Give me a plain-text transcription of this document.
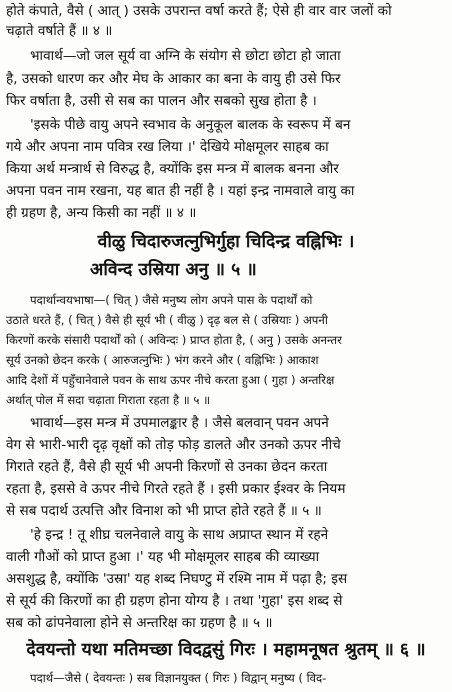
होते कंपाते, वैसे ( आत् ) उसके उपरान्त वर्षा करते हैं; ऐसे ही वार वार जलों को
चढ़ाते वर्षाते हैं ॥ ४ ॥
भावार्थ—जो जल सूर्य वा अग्नि के संयोग से छोटा छोटा हो जाता
है, उसको धारण कर और मेघ के आकार का बना के वायु ही उसे फिर
फिर वर्षाता है, उसी से सब का पालन और सबको सुख होता है ।
'इसके पीछे वायु अपने स्वभाव के अनुकूल बालक के स्वरूप में बन
गये और अपना नाम पवित्र रख लिया ।' देखिये मोक्षमूलर साहब का
किया अर्थ मन्त्रार्थ से विरुद्ध है, क्योंकि इस मन्त्र में बालक बनना और
अपना पवन नाम रखना, यह बात ही नहीं है । यहां इन्द्र नामवाले वायु का
ही ग्रहण है, अन्य किसी का नहीं ॥ ४ ॥
वीळु चिदारुजत्नुभिर्गुहा चिदिन्द्र वह्निभिः ।
अविन्द उस्रिया अनु ॥ ५ ॥
पदार्थान्वयभाषा—( चित् ) जैसे मनुष्य लोग अपने पास के पदार्थों को
उठाते धरते हैं, ( चित् ) वैसे ही सूर्य भी ( वीळु ) दृढ़ बल से ( उस्रियाः ) अपनी
किरणों करके संसारी पदार्थों को ( अविन्दः ) प्राप्त होता है, ( अनु ) उसके अनन्तर
सूर्य उनको छेदन करके ( आरुजत्नुभिः ) भंग करने और ( वह्निभिः ) आकाश
आदि देशों में पहुँचानेवाले पवन के साथ ऊपर नीचे करता हुआ ( गुहा ) अन्तरिक्ष
अर्थात् पोल में सदा चढ़ाता गिराता रहता है ॥ ५ ॥
भावार्थ—इस मन्त्र में उपमालङ्कार है । जैसे बलवान् पवन अपने
वेग से भारी-भारी दृढ़ वृक्षों को तोड़ फोड़ डालते और उनको ऊपर नीचे
गिराते रहते हैं, वैसे ही सूर्य भी अपनी किरणों से उनका छेदन करता
रहता है, इससे वे ऊपर नीचे गिरते रहते हैं । इसी प्रकार ईश्वर के नियम
से सब पदार्थ उत्पत्ति और विनाश को भी प्राप्त होते रहते हैं ॥ ५ ॥
'हे इन्द्र ! तू शीघ्र चलनेवाले वायु के साथ अप्राप्त स्थान में रहने
वाली गौओं को प्राप्त हुआ ।' यह भी मोक्षमूलर साहब की व्याख्या
असशुद्ध है, क्योंकि 'उस्रा' यह शब्द निघण्टु में रश्मि नाम में पढ़ा है; इस
से सूर्य की किरणों का ही ग्रहण होना योग्य है । तथा 'गुहा' इस शब्द से
सब को ढांपनेवाला होने से अन्तरिक्ष का ग्रहण है ॥ ५ ॥
देवयन्तो यथा मतिमच्छा विदद्वसुं गिरः । महामनूषत श्रुतम् ॥ ६ ॥
पदार्थ—जैसे ( देवयन्तः ) सब विज्ञानयुक्त ( गिरः ) विद्वान् मनुष्य ( विद-
